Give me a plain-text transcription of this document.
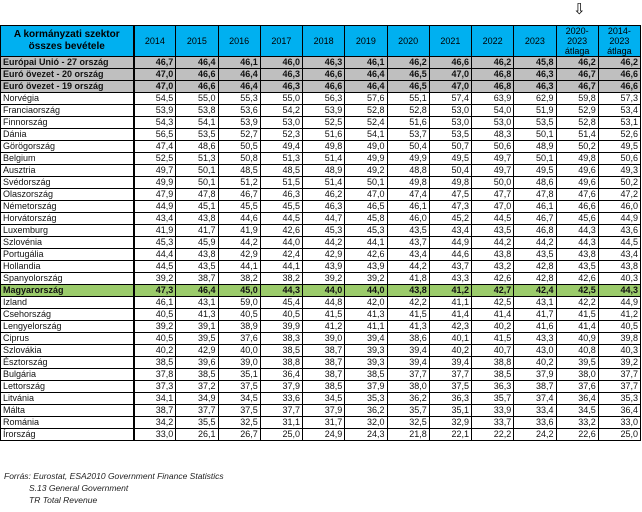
⇩
A kormányzati szektor összes bevétele	2014	2015	2016	2017	2018	2019	2020	2021	2022	2023	2020-2023 átlaga	2014-2023 átlaga
Európai Unió - 27 ország	46,7	46,4	46,1	46,0	46,3	46,1	46,2	46,6	46,2	45,8	46,2	46,2
Euró övezet - 20 ország	47,0	46,6	46,4	46,3	46,6	46,4	46,5	47,0	46,8	46,3	46,7	46,6
Euró övezet - 19 ország	47,0	46,6	46,4	46,3	46,6	46,4	46,5	47,0	46,8	46,3	46,7	46,6
Norvégia	54,5	55,0	55,3	55,0	56,3	57,6	55,1	57,4	63,9	62,9	59,8	57,3
Franciaország	53,9	53,8	53,6	54,2	53,9	52,8	52,8	53,0	54,0	51,9	52,9	53,4
Finnország	54,3	54,1	53,9	53,0	52,5	52,4	51,6	53,0	53,0	53,5	52,8	53,1
Dánia	56,5	53,5	52,7	52,3	51,6	54,1	53,7	53,5	48,3	50,1	51,4	52,6
Görögország	47,4	48,6	50,5	49,4	49,8	49,0	50,4	50,7	50,6	48,9	50,2	49,5
Belgium	52,5	51,3	50,8	51,3	51,4	49,9	49,9	49,5	49,7	50,1	49,8	50,6
Ausztria	49,7	50,1	48,5	48,5	48,9	49,2	48,8	50,4	49,7	49,5	49,6	49,3
Svédország	49,9	50,1	51,2	51,5	51,4	50,1	49,8	49,8	50,0	48,6	49,6	50,2
Olaszország	47,9	47,8	46,7	46,3	46,2	47,0	47,4	47,5	47,7	47,8	47,6	47,2
Németország	44,9	45,1	45,5	45,5	46,3	46,5	46,1	47,3	47,0	46,1	46,6	46,0
Horvátország	43,4	43,8	44,6	44,5	44,7	45,8	46,0	45,2	44,5	46,7	45,6	44,9
Luxemburg	41,9	41,7	41,9	42,6	45,3	45,3	43,5	43,4	43,5	46,8	44,3	43,6
Szlovénia	45,3	45,9	44,2	44,0	44,2	44,1	43,7	44,9	44,2	44,2	44,3	44,5
Portugália	44,4	43,8	42,9	42,4	42,9	42,6	43,4	44,6	43,8	43,5	43,8	43,4
Hollandia	44,5	43,5	44,1	44,1	43,9	43,9	44,2	43,7	43,2	42,8	43,5	43,8
Spanyolország	39,2	38,7	38,2	38,2	39,2	39,2	41,8	43,3	42,6	42,8	42,6	40,3
Magyarország	47,3	46,4	45,0	44,3	44,0	44,0	43,8	41,2	42,7	42,4	42,5	44,3
Izland	46,1	43,1	59,0	45,4	44,8	42,0	42,2	41,1	42,5	43,1	42,2	44,9
Csehország	40,5	41,3	40,5	40,5	41,5	41,3	41,5	41,4	41,4	41,7	41,5	41,2
Lengyelország	39,2	39,1	38,9	39,9	41,2	41,1	41,3	42,3	40,2	41,6	41,4	40,5
Ciprus	40,5	39,5	37,6	38,3	39,0	39,4	38,6	40,1	41,5	43,3	40,9	39,8
Szlovákia	40,2	42,9	40,0	38,5	38,7	39,3	39,4	40,2	40,7	43,0	40,8	40,3
Észtország	38,5	39,6	39,0	38,8	38,7	39,3	39,4	39,4	38,8	40,2	39,5	39,2
Bulgária	37,8	38,5	35,1	36,4	38,7	38,5	37,7	37,7	38,5	37,9	38,0	37,7
Lettország	37,3	37,2	37,5	37,9	38,5	37,9	38,0	37,5	36,3	38,7	37,6	37,7
Litvánia	34,1	34,9	34,5	33,6	34,5	35,3	36,2	36,3	35,7	37,4	36,4	35,3
Málta	38,7	37,7	37,5	37,7	37,9	36,2	35,7	35,1	33,9	33,4	34,5	36,4
Románia	34,2	35,5	32,5	31,1	31,7	32,0	32,5	32,9	33,7	33,6	33,2	33,0
Írország	33,0	26,1	26,7	25,0	24,9	24,3	21,8	22,1	22,2	24,2	22,6	25,0
Forrás: Eurostat, ESA2010 Government Finance Statistics
S.13 General Government
TR Total Revenue
